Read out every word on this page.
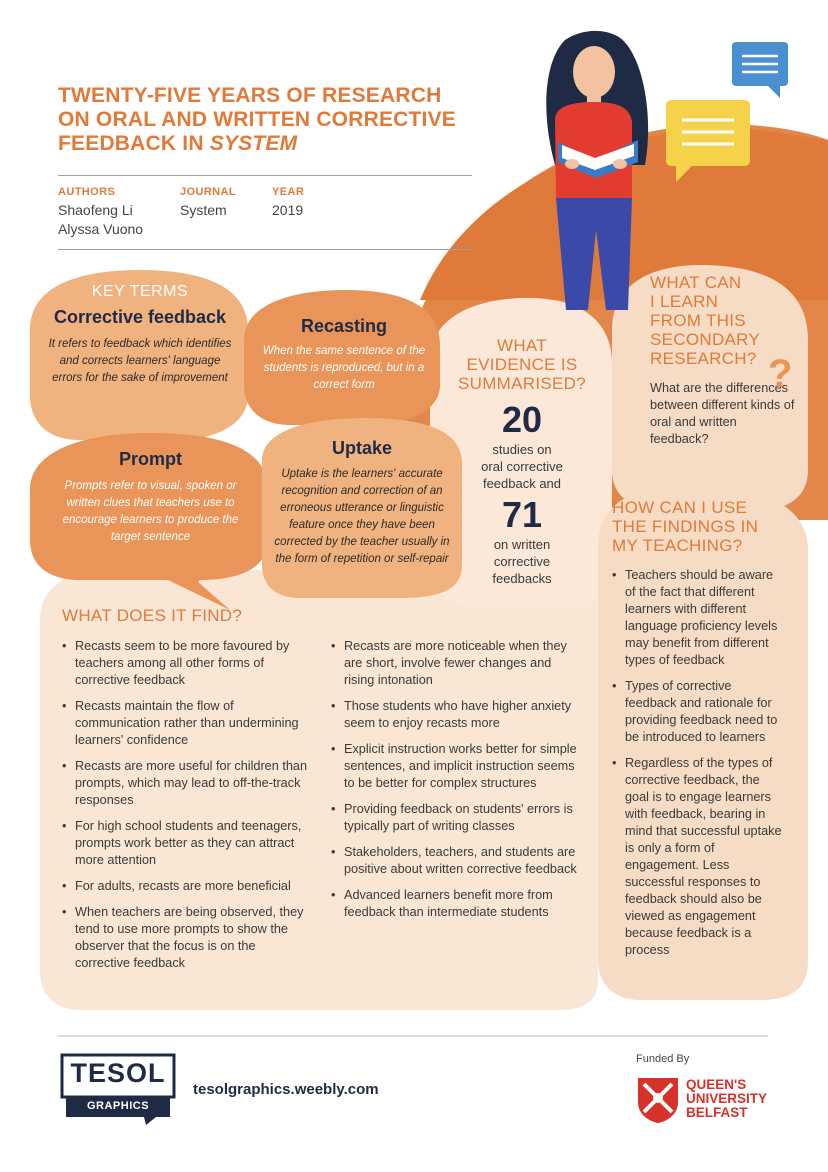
TWENTY-FIVE YEARS OF RESEARCH
ON ORAL AND WRITTEN CORRECTIVE
FEEDBACK IN SYSTEM
AUTHORS
Shaofeng Li
Alyssa Vuono
JOURNAL
System
YEAR
2019
KEY TERMS
Corrective feedback
It refers to feedback which identifies and corrects learners' language errors for the sake of improvement
Recasting
When the same sentence of the students is reproduced, but in a correct form
Prompt
Prompts refer to visual, spoken or written clues that teachers use to encourage learners to produce the target sentence
Uptake
Uptake is the learners' accurate recognition and correction of an erroneous utterance or linguistic feature once they have been corrected by the teacher usually in the form of repetition or self-repair
WHAT
EVIDENCE IS
SUMMARISED?
20
studies on
oral corrective
feedback and
71
on written
corrective
feedbacks
WHAT CAN
I LEARN
FROM THIS
SECONDARY
RESEARCH?
What are the differences between different kinds of oral and written feedback?
?
HOW CAN I USE
THE FINDINGS IN
MY TEACHING?
• Teachers should be aware of the fact that different learners with different language proficiency levels may benefit from different types of feedback
• Types of corrective feedback and rationale for providing feedback need to be introduced to learners
• Regardless of the types of corrective feedback, the goal is to engage learners with feedback, bearing in mind that successful uptake is only a form of engagement. Less successful responses to feedback should also be viewed as engagement because feedback is a process
WHAT DOES IT FIND?
• Recasts seem to be more favoured by teachers among all other forms of corrective feedback
• Recasts maintain the flow of communication rather than undermining learners' confidence
• Recasts are more useful for children than prompts, which may lead to off-the-track responses
• For high school students and teenagers, prompts work better as they can attract more attention
• For adults, recasts are more beneficial
• When teachers are being observed, they tend to use more prompts to show the observer that the focus is on the corrective feedback
• Recasts are more noticeable when they are short, involve fewer changes and rising intonation
• Those students who have higher anxiety seem to enjoy recasts more
• Explicit instruction works better for simple sentences, and implicit instruction seems to be better for complex structures
• Providing feedback on students' errors is typically part of writing classes
• Stakeholders, teachers, and students are positive about written corrective feedback
• Advanced learners benefit more from feedback than intermediate students
TESOL
GRAPHICS
tesolgraphics.weebly.com
Funded By
QUEEN'S
UNIVERSITY
BELFAST
